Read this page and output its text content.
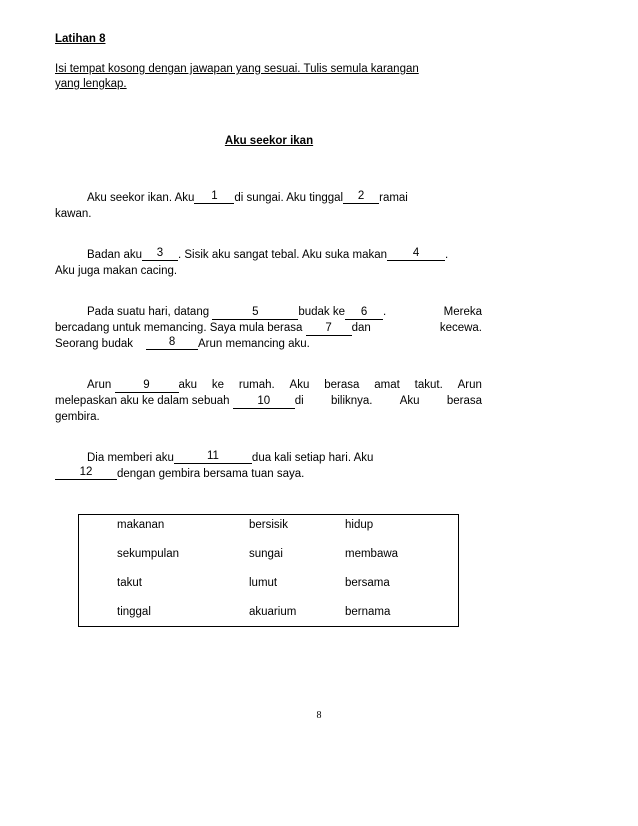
Latihan 8
Isi tempat kosong dengan jawapan yang sesuai. Tulis semula karangan
yang lengkap.
Aku seekor ikan
Aku seekor ikan. Aku	1	di sungai. Aku tinggal	2	ramai
kawan.
Badan aku	3	. Sisik aku sangat tebal. Aku suka makan	4	.
Aku juga makan cacing.
Pada suatu hari, datang	5	budak ke 6 .	Mereka
bercadang untuk memancing. Saya mula berasa 7 dan	kecewa.
Seorang budak	8	Arun memancing aku.
Arun	9	aku ke rumah. Aku berasa amat takut. Arun
melepaskan aku ke dalam sebuah 10 di biliknya. Aku berasa
gembira.
Dia memberi aku	11	dua kali setiap hari. Aku
12	dengan gembira bersama tuan saya.
makanan	bersisik	hidup
sekumpulan	sungai	membawa
takut	lumut	bersama
tinggal	akuarium	bernama
8
